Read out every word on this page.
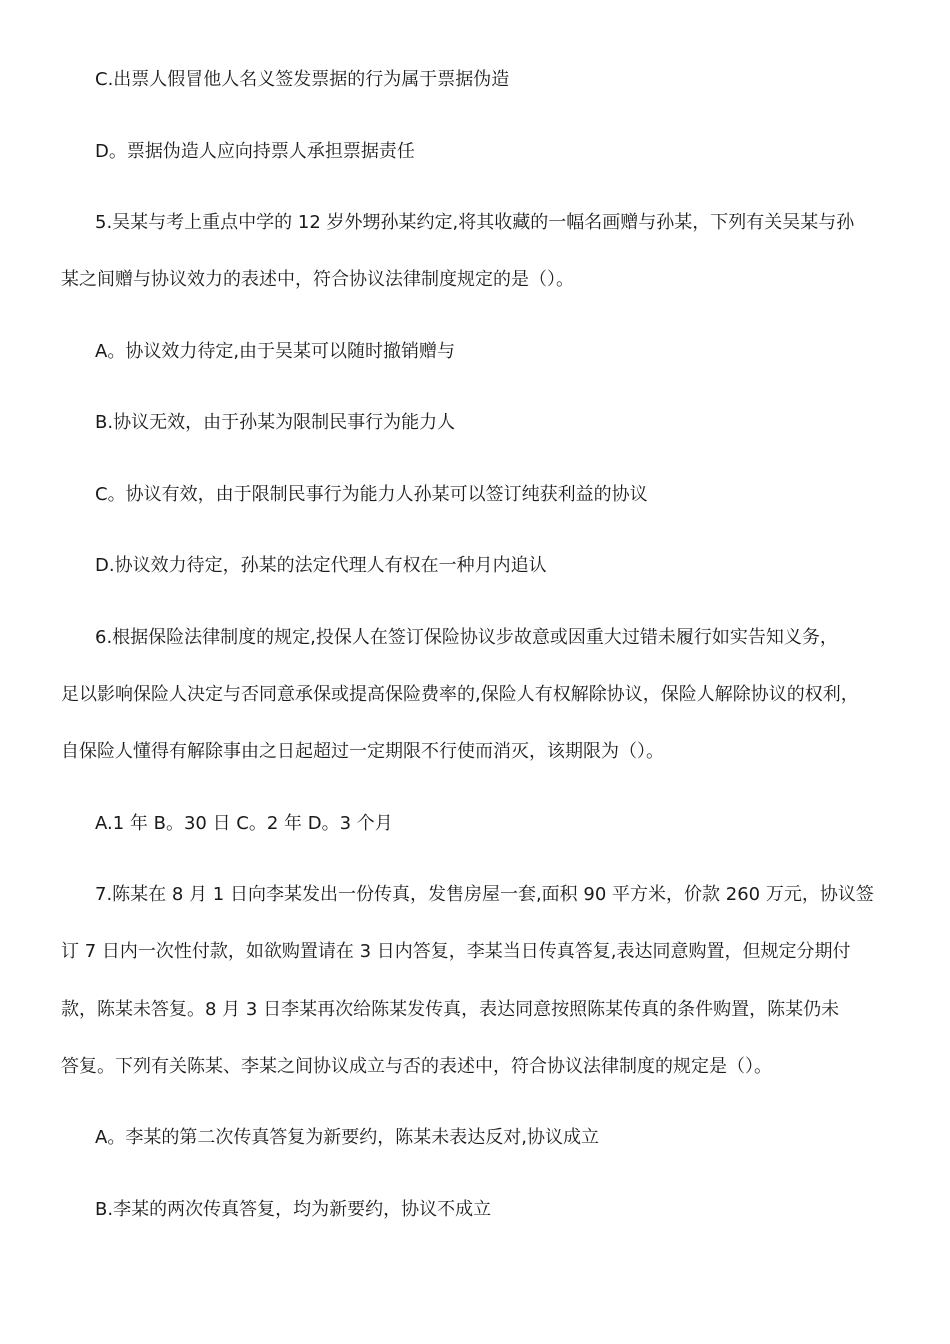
C.出票人假冒他人名义签发票据的行为属于票据伪造
D。票据伪造人应向持票人承担票据责任
5.吴某与考上重点中学的 12 岁外甥孙某约定,将其收藏的一幅名画赠与孙某，下列有关吴某与孙
某之间赠与协议效力的表述中，符合协议法律制度规定的是（）。
A。协议效力待定,由于吴某可以随时撤销赠与
B.协议无效，由于孙某为限制民事行为能力人
C。协议有效，由于限制民事行为能力人孙某可以签订纯获利益的协议
D.协议效力待定，孙某的法定代理人有权在一种月内追认
6.根据保险法律制度的规定,投保人在签订保险协议步故意或因重大过错未履行如实告知义务，
足以影响保险人决定与否同意承保或提高保险费率的,保险人有权解除协议，保险人解除协议的权利，
自保险人懂得有解除事由之日起超过一定期限不行使而消灭，该期限为（）。
A.1 年 B。30 日 C。2 年 D。3 个月
7.陈某在 8 月 1 日向李某发出一份传真，发售房屋一套,面积 90 平方米，价款 260 万元，协议签
订 7 日内一次性付款，如欲购置请在 3 日内答复，李某当日传真答复,表达同意购置，但规定分期付
款，陈某未答复。8 月 3 日李某再次给陈某发传真，表达同意按照陈某传真的条件购置，陈某仍未
答复。下列有关陈某、李某之间协议成立与否的表述中，符合协议法律制度的规定是（）。
A。李某的第二次传真答复为新要约，陈某未表达反对,协议成立
B.李某的两次传真答复，均为新要约，协议不成立
